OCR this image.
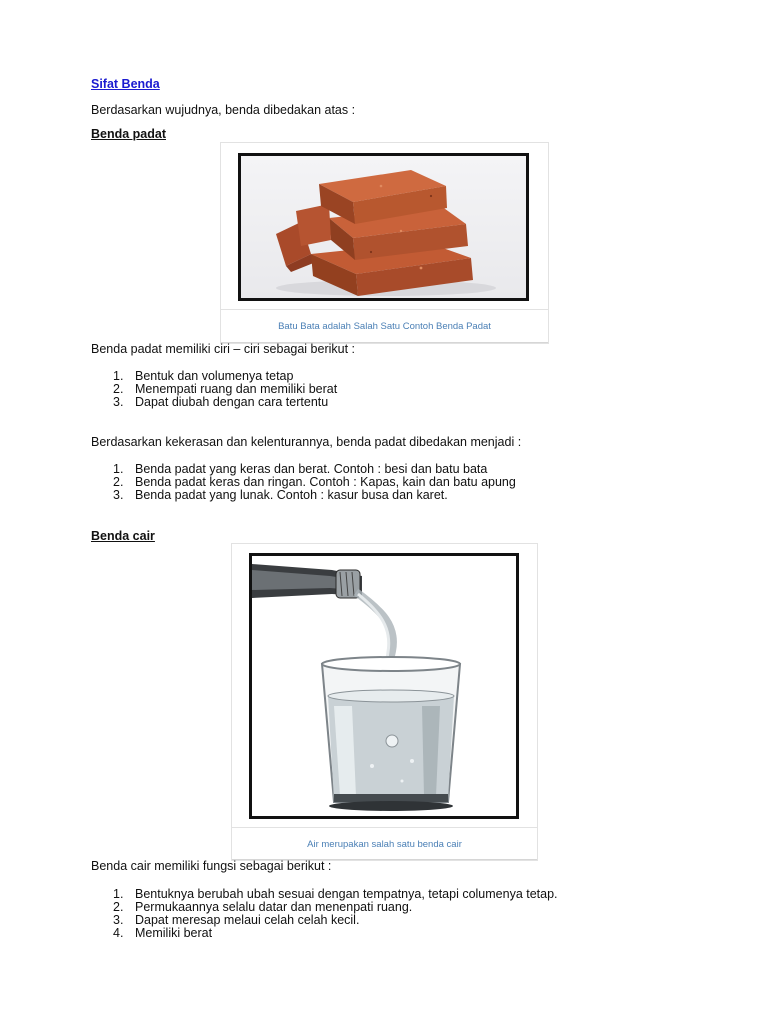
Sifat Benda
Berdasarkan wujudnya, benda dibedakan atas :
Benda padat
Batu Bata adalah Salah Satu Contoh Benda Padat
Benda padat memiliki ciri – ciri sebagai berikut :
1. Bentuk dan volumenya tetap
2. Menempati ruang dan memiliki berat
3. Dapat diubah dengan cara tertentu
Berdasarkan kekerasan dan kelenturannya, benda padat dibedakan menjadi :
1. Benda padat yang keras dan berat. Contoh : besi dan batu bata
2. Benda padat keras dan ringan. Contoh : Kapas, kain dan batu apung
3. Benda padat yang lunak. Contoh : kasur busa dan karet.
Benda cair
Air merupakan salah satu benda cair
Benda cair memiliki fungsi sebagai berikut :
1. Bentuknya berubah ubah sesuai dengan tempatnya, tetapi columenya tetap.
2. Permukaannya selalu datar dan menenpati ruang.
3. Dapat meresap melaui celah celah kecil.
4. Memiliki berat
